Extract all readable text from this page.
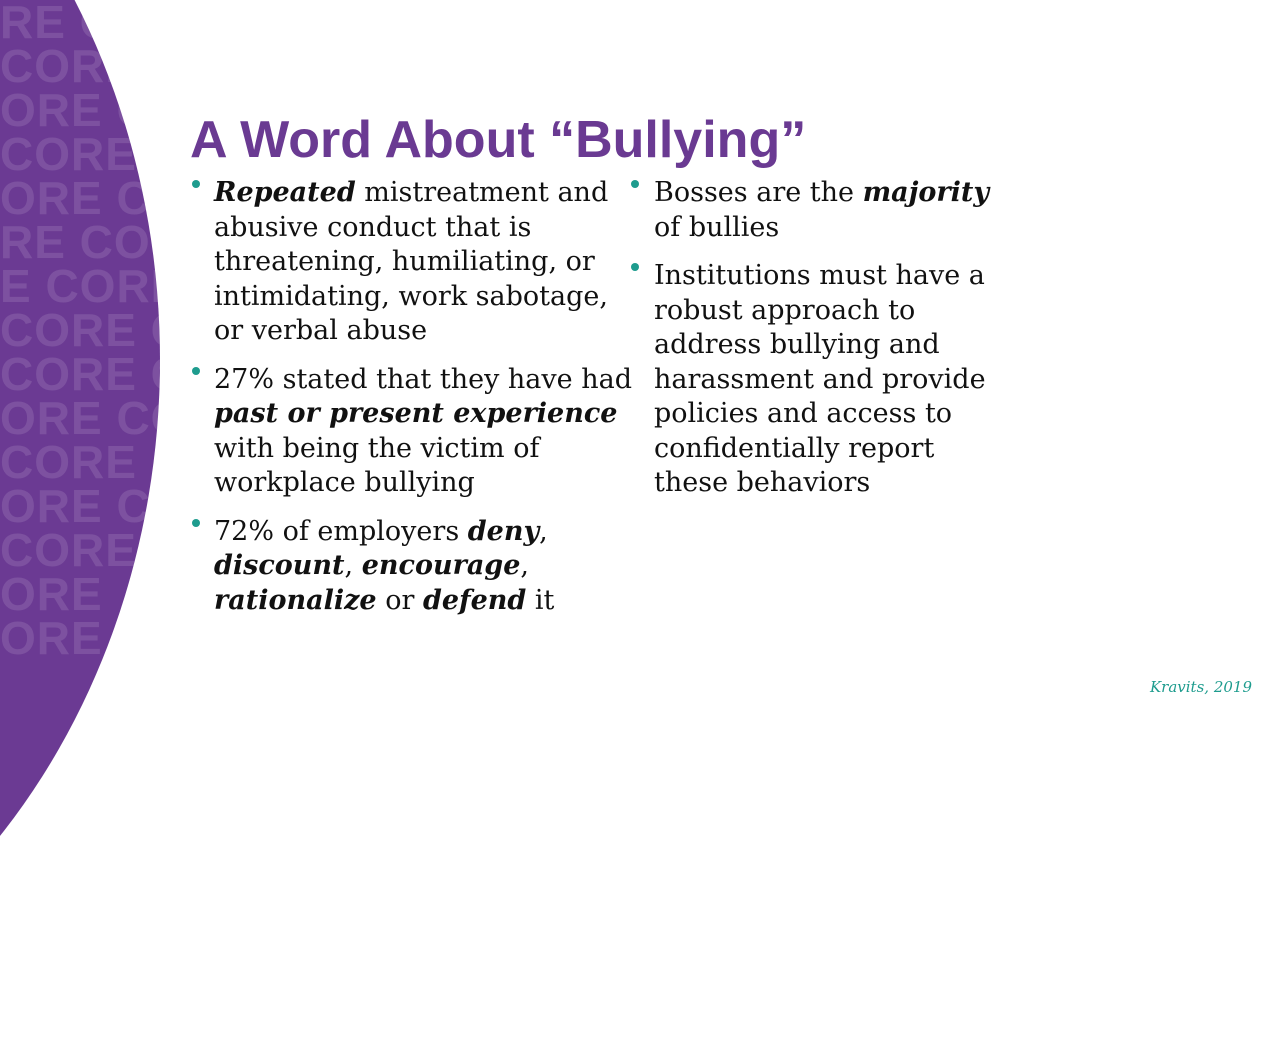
RE C
CORE
ORE C
CORE
ORE CO
RE COR
E CORE
CORE C
CORE C
ORE CO
CORE
ORE C
CORE
ORE
ORE
A Word About “Bullying”
Repeated mistreatment and abusive conduct that is threatening, humiliating, or intimidating, work sabotage, or verbal abuse
27% stated that they have had past or present experience with being the victim of workplace bullying
72% of employers deny, discount, encourage, rationalize or defend it
Bosses are the majority of bullies
Institutions must have a robust approach to address bullying and harassment and provide policies and access to confidentially report these behaviors
Kravits, 2019
